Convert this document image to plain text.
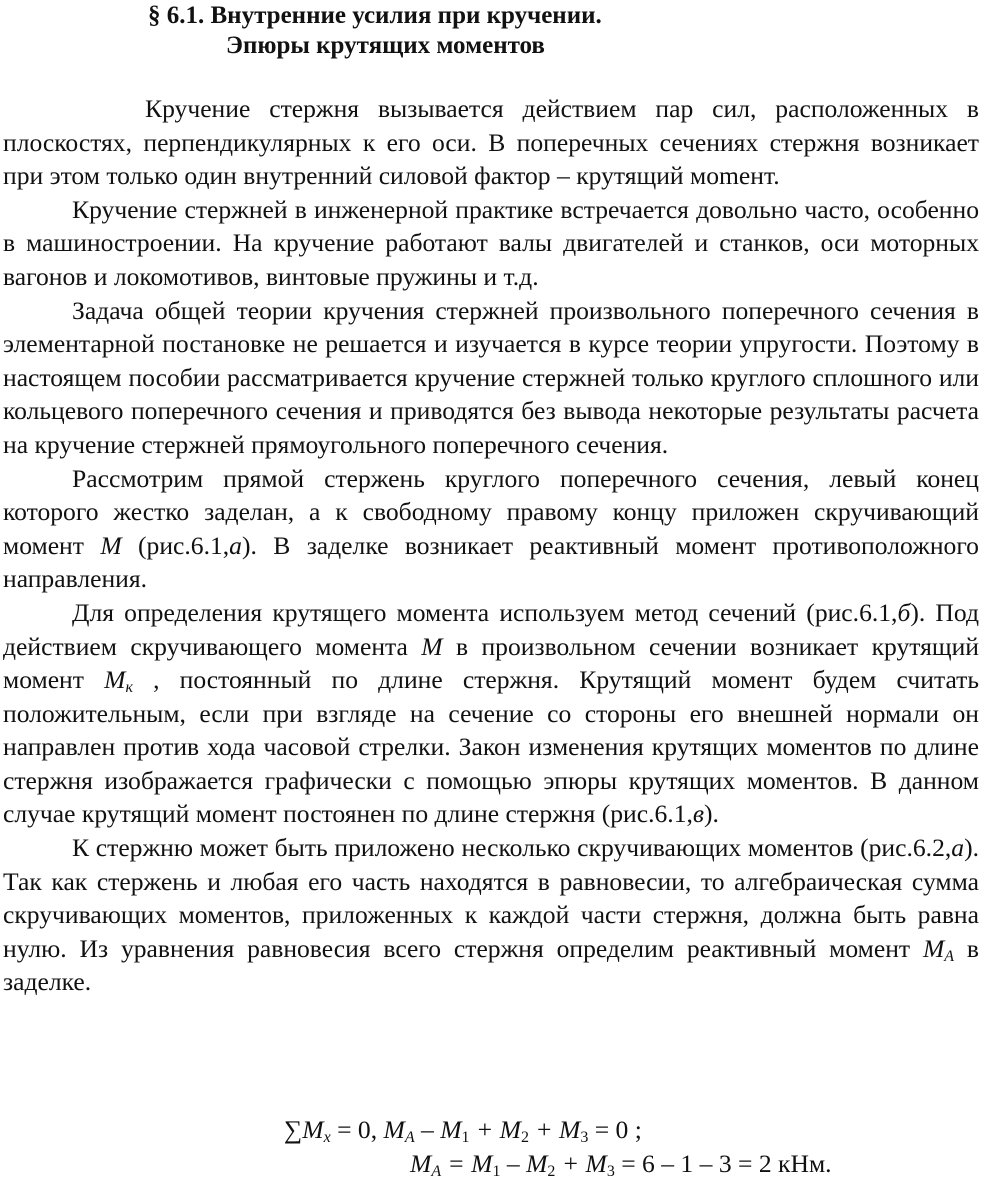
§ 6.1. Внутренние усилия при кручении.
Эпюры крутящих моментов

Кручение стержня вызывается действием пар сил, расположенных в плоскостях, перпендикулярных к его оси. В поперечных сечениях стержня возникает при этом только один внутренний силовой фактор – крутящий моmент.

Кручение стержней в инженерной практике встречается довольно часто, особенно в машиностроении. На кручение работают валы двигателей и станков, оси моторных вагонов и локомотивов, винтовые пружины и т.д.

Задача общей теории кручения стержней произвольного поперечного сечения в элементарной постановке не решается и изучается в курсе теории упругости. Поэтому в настоящем пособии рассматривается кручение стержней только круглого сплошного или кольцевого поперечного сечения и приводятся без вывода некоторые результаты расчета на кручение стержней прямоугольного поперечного сечения.

Рассмотрим прямой стержень круглого поперечного сечения, левый конец которого жестко заделан, а к свободному правому концу приложен скручивающий момент M (рис.6.1,а). В заделке возникает реактивный момент противоположного направления.

Для определения крутящего момента используем метод сечений (рис.6.1,б). Под действием скручивающего момента M в произвольном сечении возникает крутящий момент $M_к$ , постоянный по длине стержня. Крутящий момент будем считать положительным, если при взгляде на сечение со стороны его внешней нормали он направлен против хода часовой стрелки. Закон изменения крутящих моментов по длине стержня изображается графически с помощью эпюры крутящих моментов. В данном случае крутящий момент постоянен по длине стержня (рис.6.1,в).

К стержню может быть приложено несколько скручивающих моментов (рис.6.2,а). Так как стержень и любая его часть находятся в равновесии, то алгебраическая сумма скручивающих моментов, приложенных к каждой части стержня, должна быть равна нулю. Из уравнения равновесия всего стержня определим реактивный момент $M_A$ в заделке.

$\sum M_x = 0$, $M_A - M_1 + M_2 + M_3 = 0$ ;
$M_A = M_1 - M_2 + M_3 = 6 - 1 - 3 = 2$ кНм.
